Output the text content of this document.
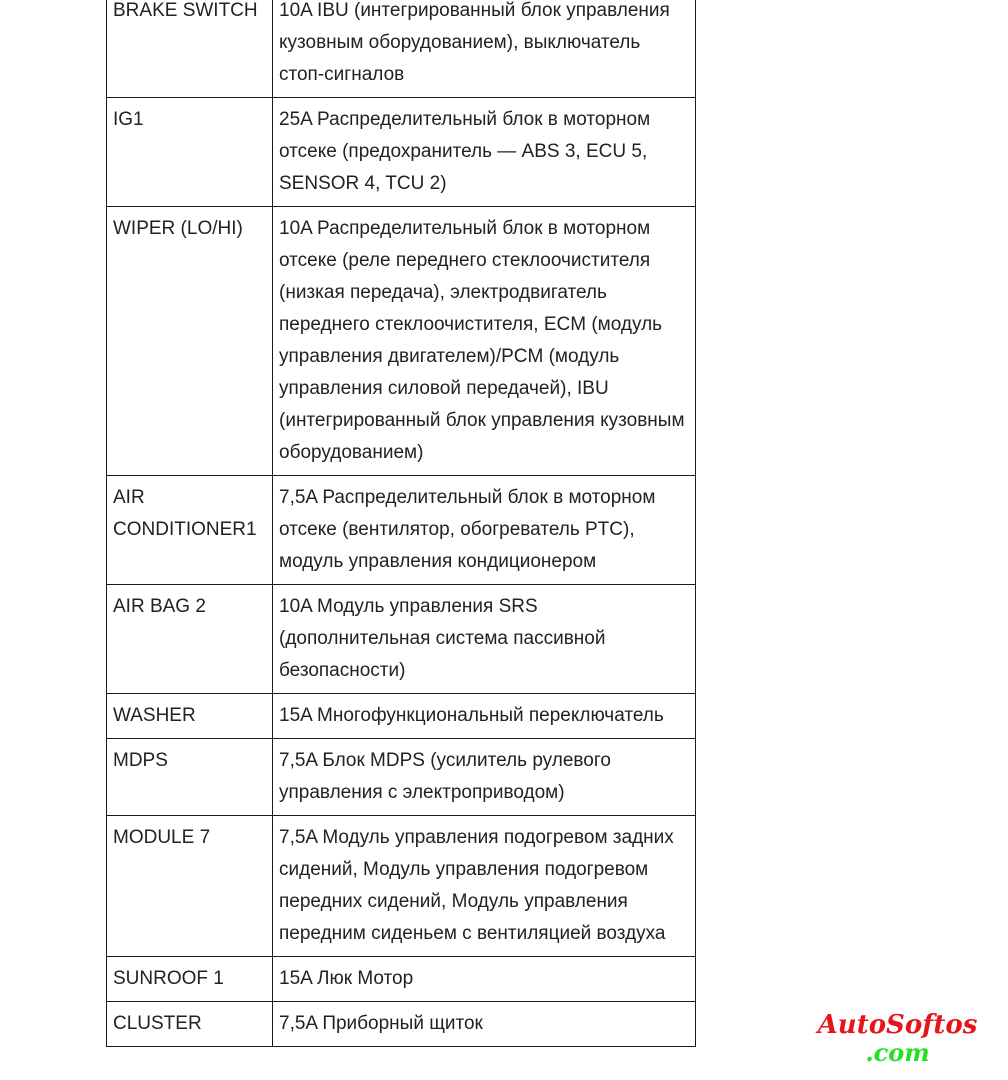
BRAKE SWITCH	10A IBU (интегрированный блок управления кузовным оборудованием), выключатель стоп-сигналов
IG1	25A Распределительный блок в моторном отсеке (предохранитель — ABS 3, ECU 5, SENSOR 4, TCU 2)
WIPER (LO/HI)	10A Распределительный блок в моторном отсеке (реле переднего стеклоочистителя (низкая передача), электродвигатель переднего стеклоочистителя, ECM (модуль управления двигателем)/PCM (модуль управления силовой передачей), IBU (интегрированный блок управления кузовным оборудованием)
AIR CONDITIONER1	7,5A Распределительный блок в моторном отсеке (вентилятор, обогреватель PTC), модуль управления кондиционером
AIR BAG 2	10A Модуль управления SRS (дополнительная система пассивной безопасности)
WASHER	15A Многофункциональный переключатель
MDPS	7,5A Блок MDPS (усилитель рулевого управления с электроприводом)
MODULE 7	7,5A Модуль управления подогревом задних сидений, Модуль управления подогревом передних сидений, Модуль управления передним сиденьем с вентиляцией воздуха
SUNROOF 1	15A Люк Мотор
CLUSTER	7,5A Приборный щиток	AutoSoftos
.com
